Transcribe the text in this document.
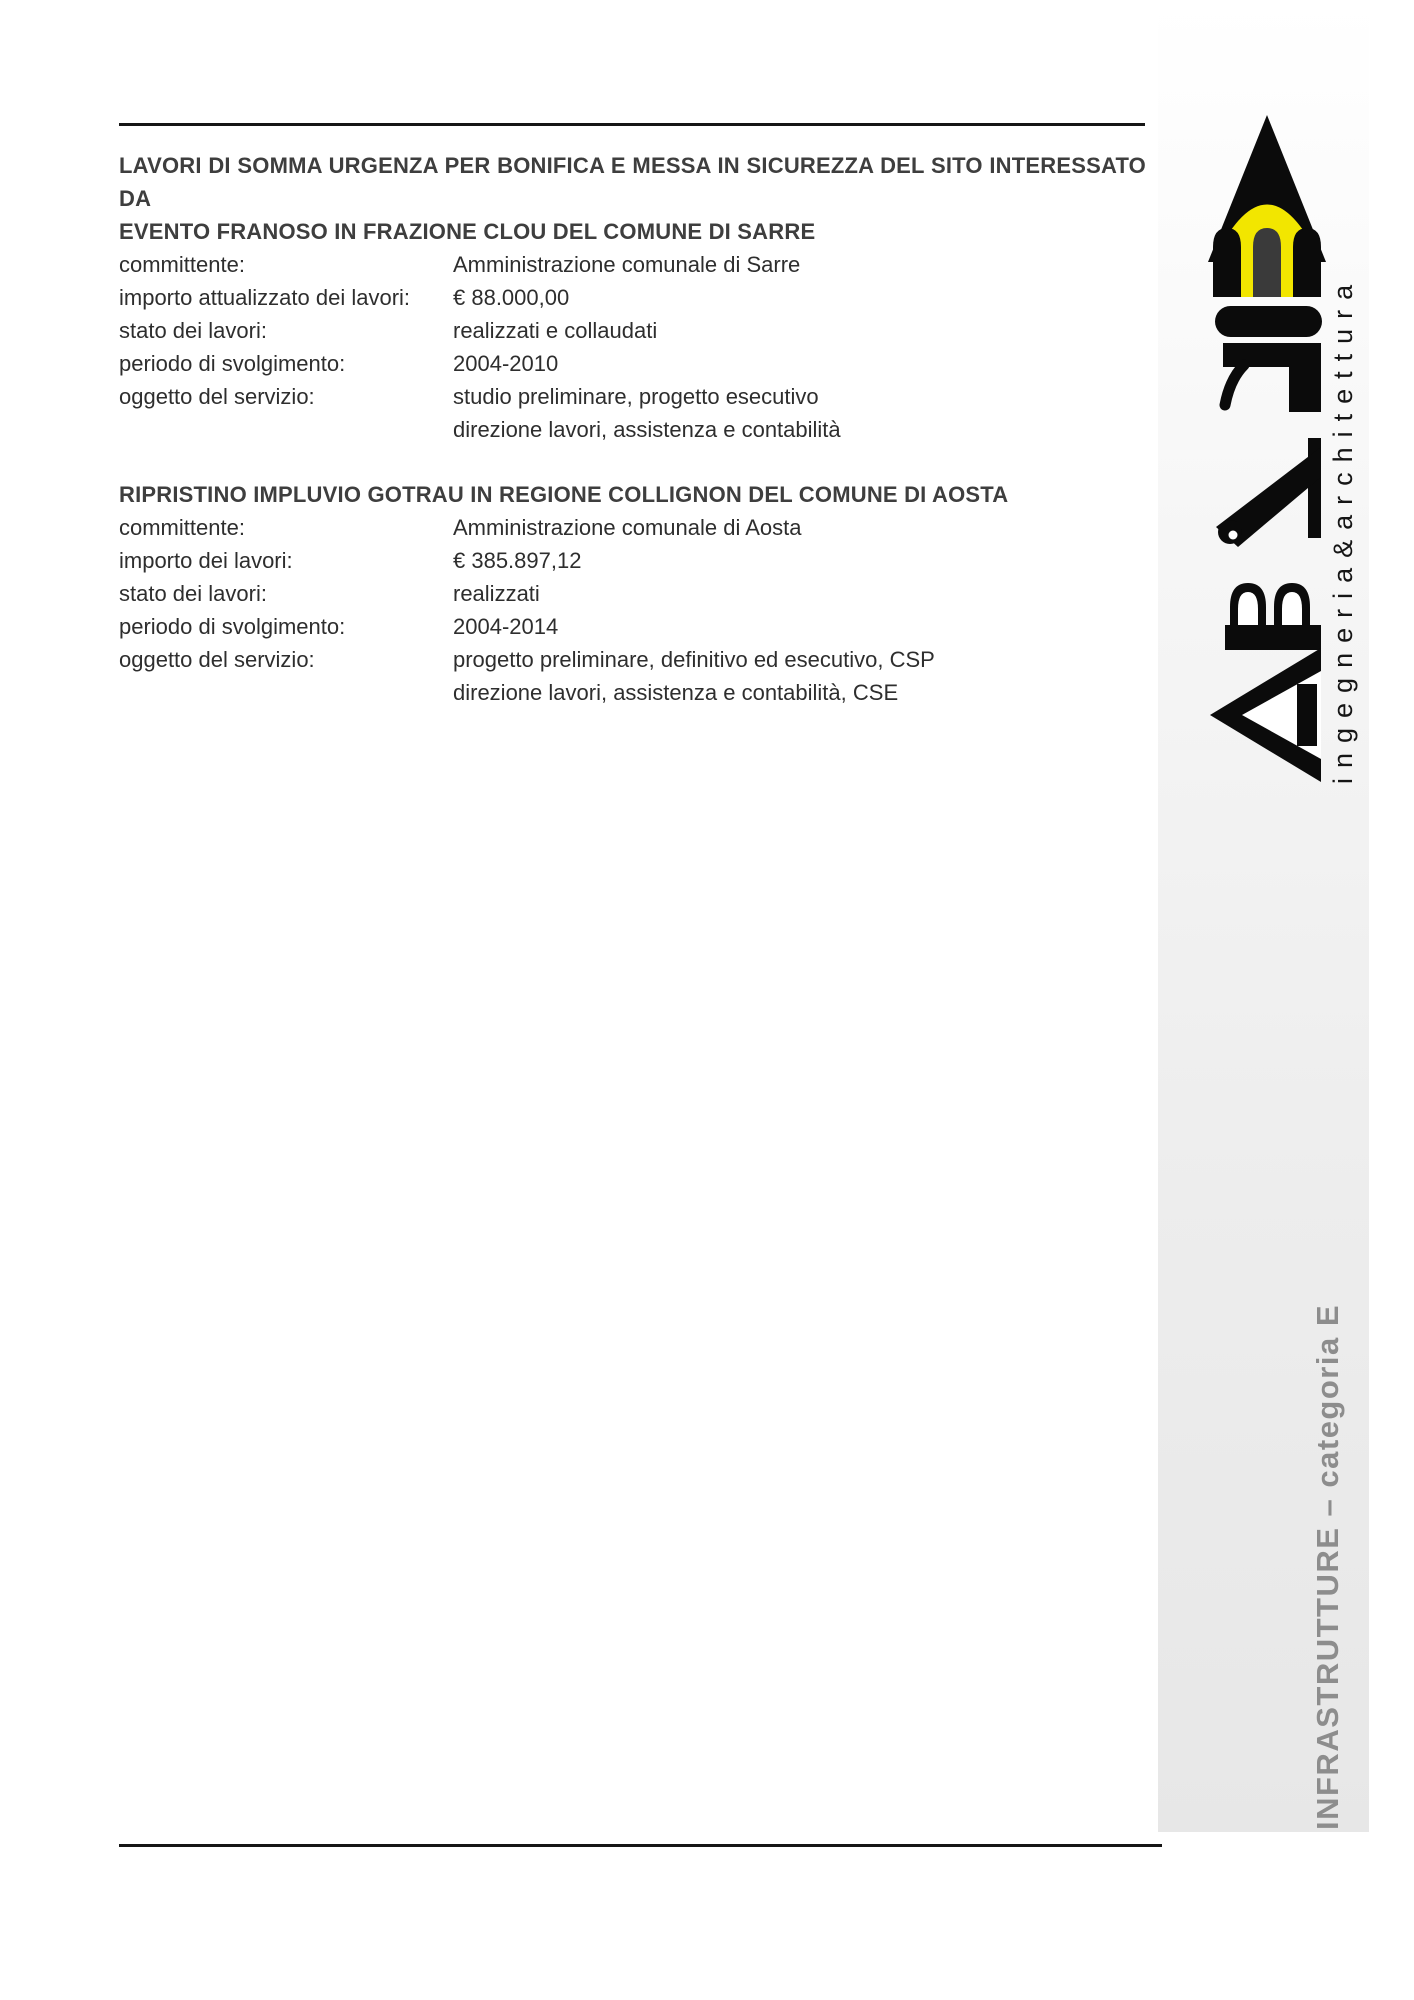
LAVORI DI SOMMA URGENZA PER BONIFICA E MESSA IN SICUREZZA DEL SITO INTERESSATO DA
EVENTO FRANOSO IN FRAZIONE CLOU DEL COMUNE DI SARRE
committente:	Amministrazione comunale di Sarre
importo attualizzato dei lavori:	€ 88.000,00
stato dei lavori:	realizzati e collaudati
periodo di svolgimento:	2004-2010
oggetto del servizio:	studio preliminare, progetto esecutivo
direzione lavori, assistenza e contabilità
RIPRISTINO IMPLUVIO GOTRAU IN REGIONE COLLIGNON DEL COMUNE DI AOSTA
committente:	Amministrazione comunale di Aosta
importo dei lavori:	€ 385.897,12
stato dei lavori:	realizzati
periodo di svolgimento:	2004-2014
oggetto del servizio:	progetto preliminare, definitivo ed esecutivo, CSP
direzione lavori, assistenza e contabilità, CSE	ingegneria&architettura
INFRASTRUTTURE – categoria E
